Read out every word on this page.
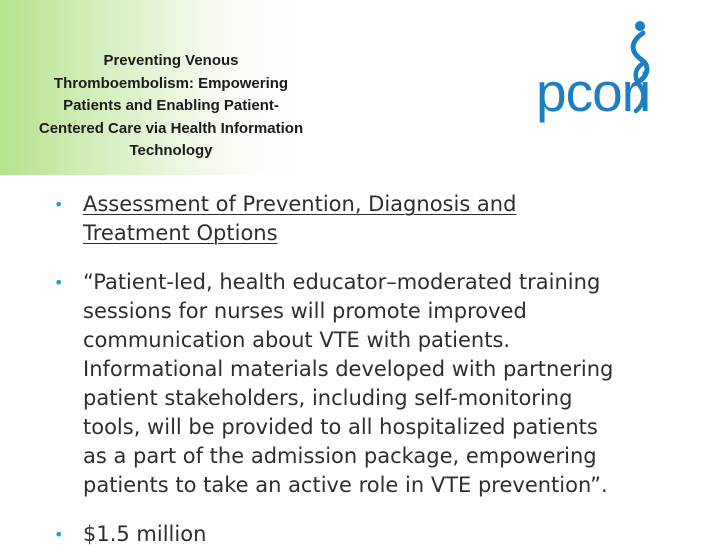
Preventing Venous
Thromboembolism: Empowering
Patients and Enabling Patient-
Centered Care via Health Information
Technology
pcori
• Assessment of Prevention, Diagnosis and
Treatment Options
• “Patient-led, health educator–moderated training
sessions for nurses will promote improved
communication about VTE with patients.
Informational materials developed with partnering
patient stakeholders, including self-monitoring
tools, will be provided to all hospitalized patients
as a part of the admission package, empowering
patients to take an active role in VTE prevention”.
• $1.5 million
